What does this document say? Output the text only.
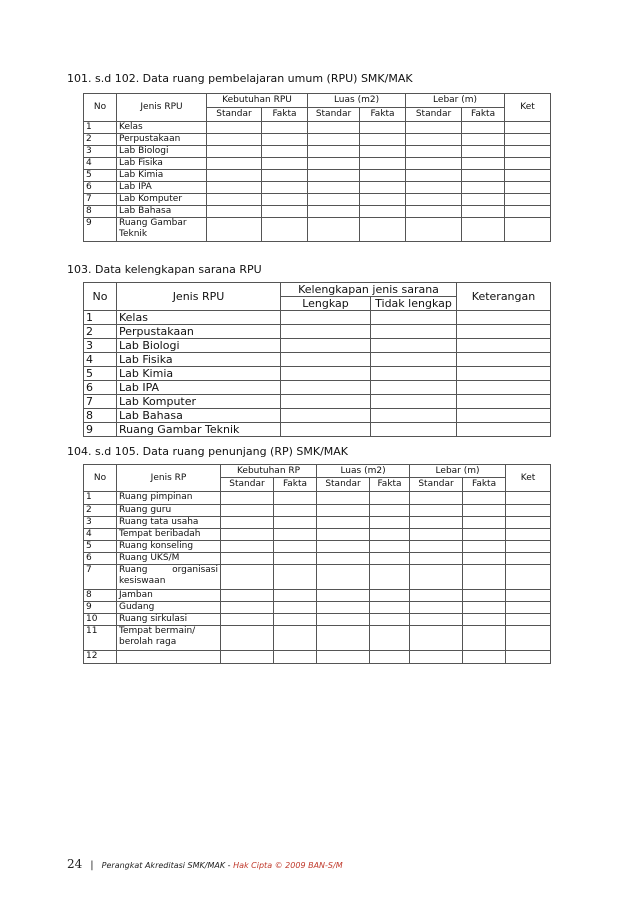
101. s.d 102. Data ruang pembelajaran umum (RPU) SMK/MAK
No	Jenis RPU	Kebutuhan RPU		Luas (m2)		Lebar (m)		Ket
		Standar	Fakta	Standar	Fakta	Standar	Fakta	
1	Kelas							
2	Perpustakaan							
3	Lab Biologi							
4	Lab Fisika							
5	Lab Kimia							
6	Lab IPA							
7	Lab Komputer							
8	Lab Bahasa							
9	Ruang Gambar Teknik							
103. Data kelengkapan sarana RPU
No	Jenis RPU	Kelengkapan jenis sarana		Keterangan
		Lengkap	Tidak lengkap	
1	Kelas			
2	Perpustakaan			
3	Lab Biologi			
4	Lab Fisika			
5	Lab Kimia			
6	Lab IPA			
7	Lab Komputer			
8	Lab Bahasa			
9	Ruang Gambar Teknik			
104. s.d 105. Data ruang penunjang (RP) SMK/MAK
No	Jenis RP	Kebutuhan RP		Luas (m2)		Lebar (m)		Ket
		Standar	Fakta	Standar	Fakta	Standar	Fakta	
1	Ruang pimpinan							
2	Ruang guru							
3	Ruang tata usaha							
4	Tempat beribadah							
5	Ruang konseling							
6	Ruang UKS/M							
7	Ruang organisasi kesiswaan							
8	Jamban							
9	Gudang							
10	Ruang sirkulasi							
11	Tempat bermain/ berolah raga							
12								
24 | Perangkat Akreditasi SMK/MAK - Hak Cipta © 2009 BAN-S/M
